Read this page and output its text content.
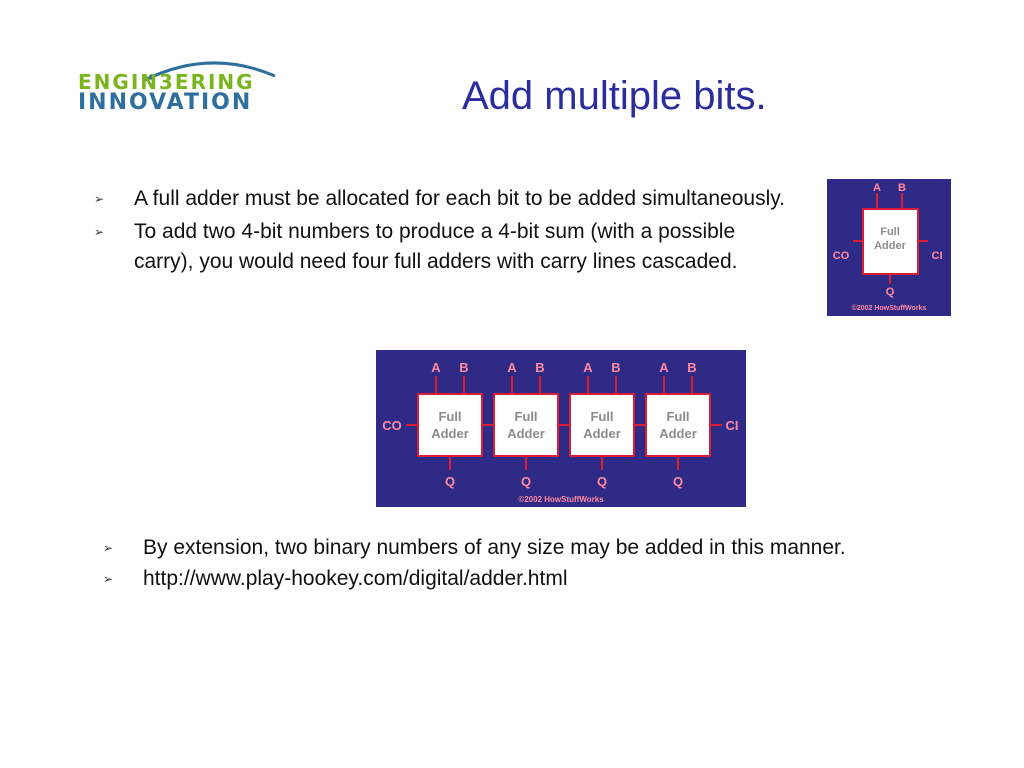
ENGIN3ERING
INNOVATION	Add multiple bits.
➢ A full adder must be allocated for each bit to be added simultaneously.
➢ To add two 4-bit numbers to produce a 4-bit sum (with a possible carry), you would need four full adders with carry lines cascaded.
A B
Full
Adder
CO	CI
Q
©2002 HowStuffWorks
CO	CI
©2002 HowStuffWorks
A B
Full
Adder
Q
A B
Full
Adder
Q
A B
Full
Adder
Q
A B
Full
Adder
Q
➢ By extension, two binary numbers of any size may be added in this manner.
➢ http://www.play-hookey.com/digital/adder.html
